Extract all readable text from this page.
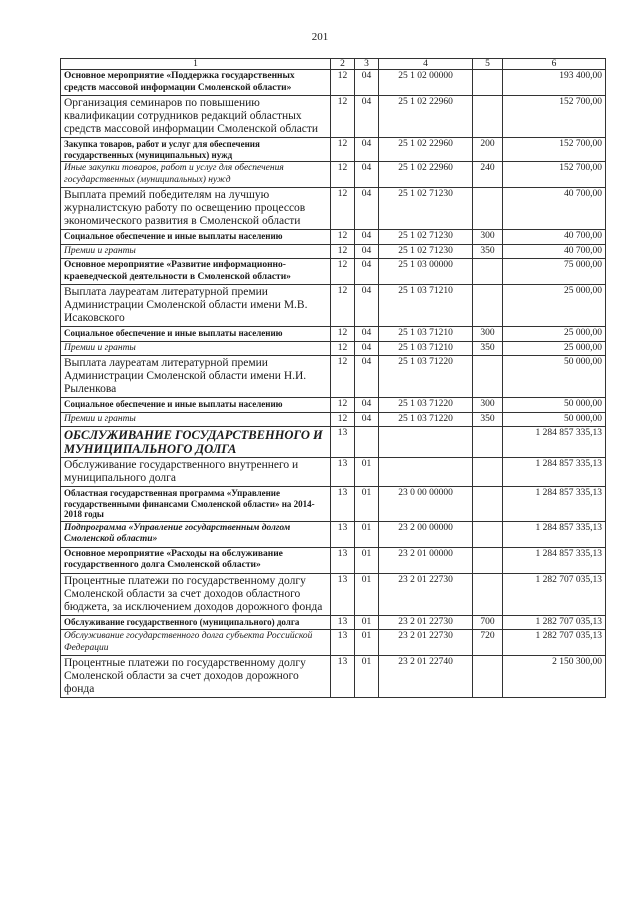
201
1	2	3	4	5	6
Основное мероприятие «Поддержка государственных средств массовой информации Смоленской области»	12	04	25 1 02 00000		193 400,00
Организация семинаров по повышению квалификации сотрудников редакций областных средств массовой информации Смоленской области	12	04	25 1 02 22960		152 700,00
Закупка товаров, работ и услуг для обеспечения государственных (муниципальных) нужд	12	04	25 1 02 22960	200	152 700,00
Иные закупки товаров, работ и услуг для обеспечения государственных (муниципальных) нужд	12	04	25 1 02 22960	240	152 700,00
Выплата премий победителям на лучшую журналистскую работу по освещению процессов экономического развития в Смоленской области	12	04	25 1 02 71230		40 700,00
Социальное обеспечение и иные выплаты населению	12	04	25 1 02 71230	300	40 700,00
Премии и гранты	12	04	25 1 02 71230	350	40 700,00
Основное мероприятие «Развитие информационно-краеведческой деятельности в Смоленской области»	12	04	25 1 03 00000		75 000,00
Выплата лауреатам литературной премии Администрации Смоленской области имени М.В. Исаковского	12	04	25 1 03 71210		25 000,00
Социальное обеспечение и иные выплаты населению	12	04	25 1 03 71210	300	25 000,00
Премии и гранты	12	04	25 1 03 71210	350	25 000,00
Выплата лауреатам литературной премии Администрации Смоленской области имени Н.И. Рыленкова	12	04	25 1 03 71220		50 000,00
Социальное обеспечение и иные выплаты населению	12	04	25 1 03 71220	300	50 000,00
Премии и гранты	12	04	25 1 03 71220	350	50 000,00
ОБСЛУЖИВАНИЕ ГОСУДАРСТВЕННОГО И МУНИЦИПАЛЬНОГО ДОЛГА	13				1 284 857 335,13
Обслуживание государственного внутреннего и муниципального долга	13	01			1 284 857 335,13
Областная государственная программа «Управление государственными финансами Смоленской области» на 2014-2018 годы	13	01	23 0 00 00000		1 284 857 335,13
Подпрограмма «Управление государственным долгом Смоленской области»	13	01	23 2 00 00000		1 284 857 335,13
Основное мероприятие «Расходы на обслуживание государственного долга Смоленской области»	13	01	23 2 01 00000		1 284 857 335,13
Процентные платежи по государственному долгу Смоленской области за счет доходов областного бюджета, за исключением доходов дорожного фонда	13	01	23 2 01 22730		1 282 707 035,13
Обслуживание государственного (муниципального) долга	13	01	23 2 01 22730	700	1 282 707 035,13
Обслуживание государственного долга субъекта Российской Федерации	13	01	23 2 01 22730	720	1 282 707 035,13
Процентные платежи по государственному долгу Смоленской области за счет доходов дорожного фонда	13	01	23 2 01 22740		2 150 300,00
